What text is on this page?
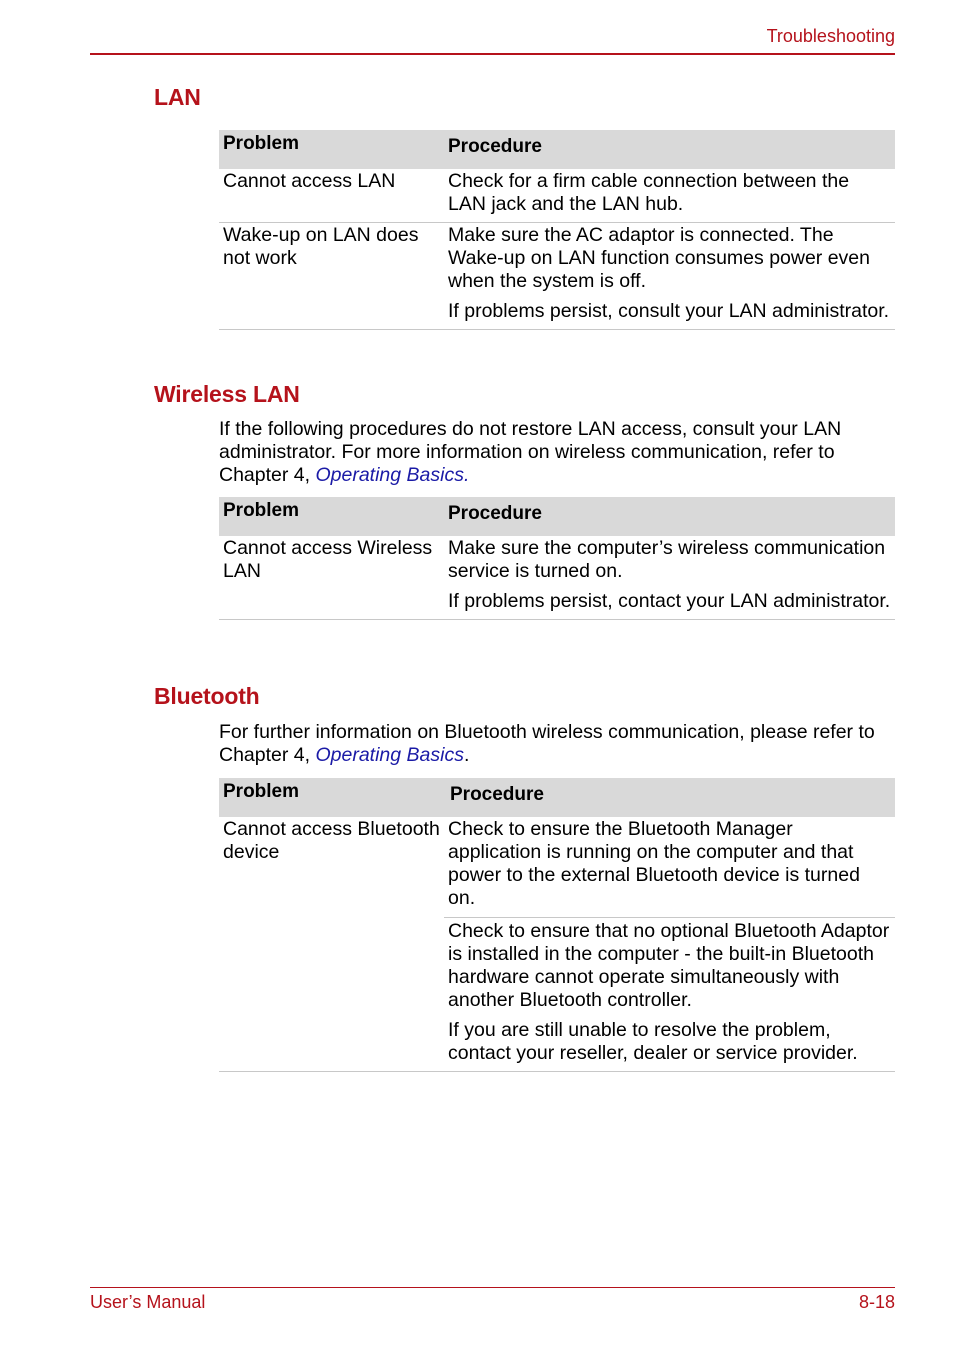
Troubleshooting
LAN
Problem	Procedure
Cannot access LAN	Check for a firm cable connection between the LAN jack and the LAN hub.

Wake-up on LAN does not work	Make sure the AC adaptor is connected. The Wake-up on LAN function consumes power even when the system is off.

If problems persist, consult your LAN administrator.

Wireless LAN

If the following procedures do not restore LAN access, consult your LAN administrator. For more information on wireless communication, refer to Chapter 4, Operating Basics.

Problem	Procedure
Cannot access Wireless LAN	Make sure the computer’s wireless communication service is turned on.

If problems persist, contact your LAN administrator.

Bluetooth

For further information on Bluetooth wireless communication, please refer to Chapter 4, Operating Basics.

Problem	Procedure
Cannot access Bluetooth device	Check to ensure the Bluetooth Manager application is running on the computer and that power to the external Bluetooth device is turned on.

Check to ensure that no optional Bluetooth Adaptor is installed in the computer - the built-in Bluetooth hardware cannot operate simultaneously with another Bluetooth controller.

If you are still unable to resolve the problem, contact your reseller, dealer or service provider.

User’s Manual	8-18
